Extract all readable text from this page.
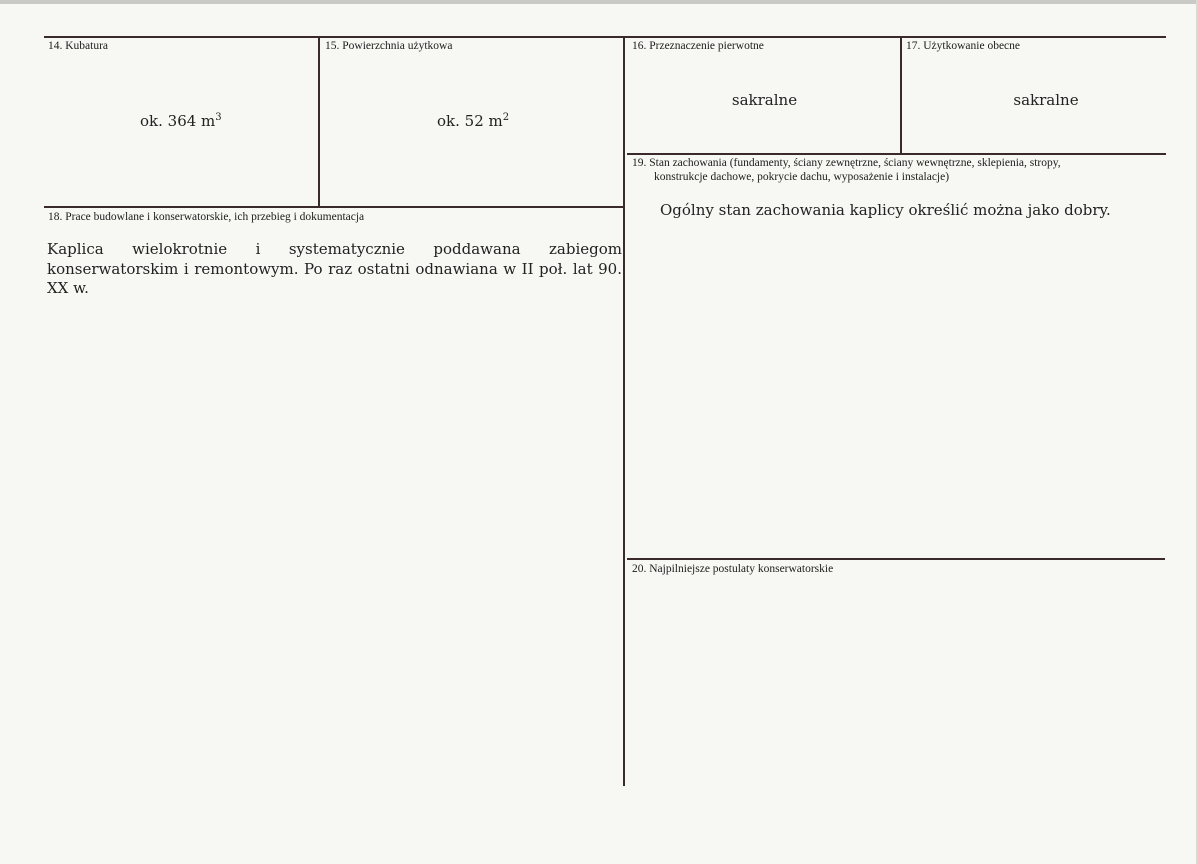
14. Kubatura
ok. 364 $m^3$
15. Powierzchnia użytkowa
ok. 52 $m^2$
16. Przeznaczenie pierwotne
sakralne
17. Użytkowanie obecne
sakralne
18. Prace budowlane i konserwatorskie, ich przebieg i dokumentacja
Kaplica wielokrotnie i systematycznie poddawana zabiegom konserwatorskim i remontowym. Po raz ostatni odnawiana w II poł. lat 90. XX w.
19. Stan zachowania (fundamenty, ściany zewnętrzne, ściany wewnętrzne, sklepienia, stropy,
konstrukcje dachowe, pokrycie dachu, wyposażenie i instalacje)
Ogólny stan zachowania kaplicy określić można jako dobry.
20. Najpilniejsze postulaty konserwatorskie
